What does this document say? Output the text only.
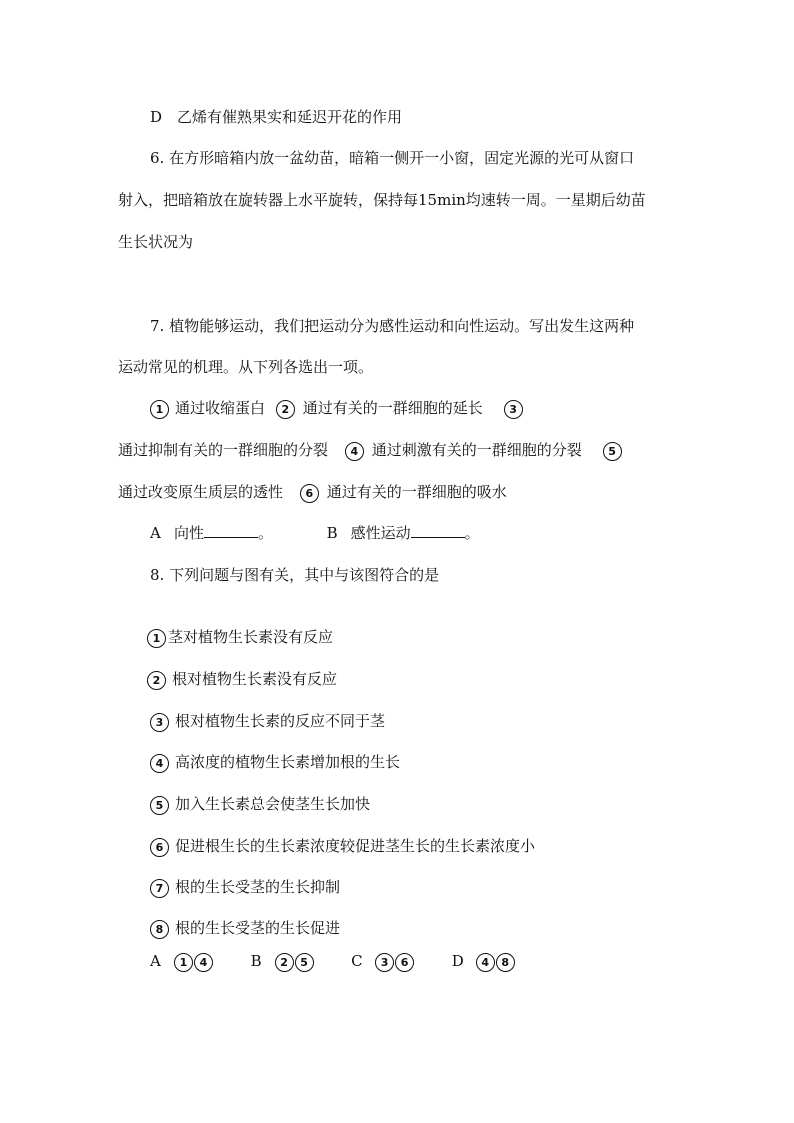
D　乙烯有催熟果实和延迟开花的作用
6. 在方形暗箱内放一盆幼苗，暗箱一侧开一小窗，固定光源的光可从窗口
射入，把暗箱放在旋转器上水平旋转，保持每15min均速转一周。一星期后幼苗
生长状况为
7. 植物能够运动，我们把运动分为感性运动和向性运动。写出发生这两种
运动常见的机理。从下列各选出一项。
1 通过收缩蛋白 2 通过有关的一群细胞的延长 3
通过抑制有关的一群细胞的分裂 4 通过刺激有关的一群细胞的分裂 5
通过改变原生质层的透性 6 通过有关的一群细胞的吸水
A 向性	。	B 感性运动	。
8. 下列问题与图有关，其中与该图符合的是
1 茎对植物生长素没有反应
2 根对植物生长素没有反应
3 根对植物生长素的反应不同于茎
4 高浓度的植物生长素增加根的生长
5 加入生长素总会使茎生长加快
6 促进根生长的生长素浓度较促进茎生长的生长素浓度小
7 根的生长受茎的生长抑制
8 根的生长受茎的生长促进
A 1 4	B 2 5	C 3 6	D 4 8
